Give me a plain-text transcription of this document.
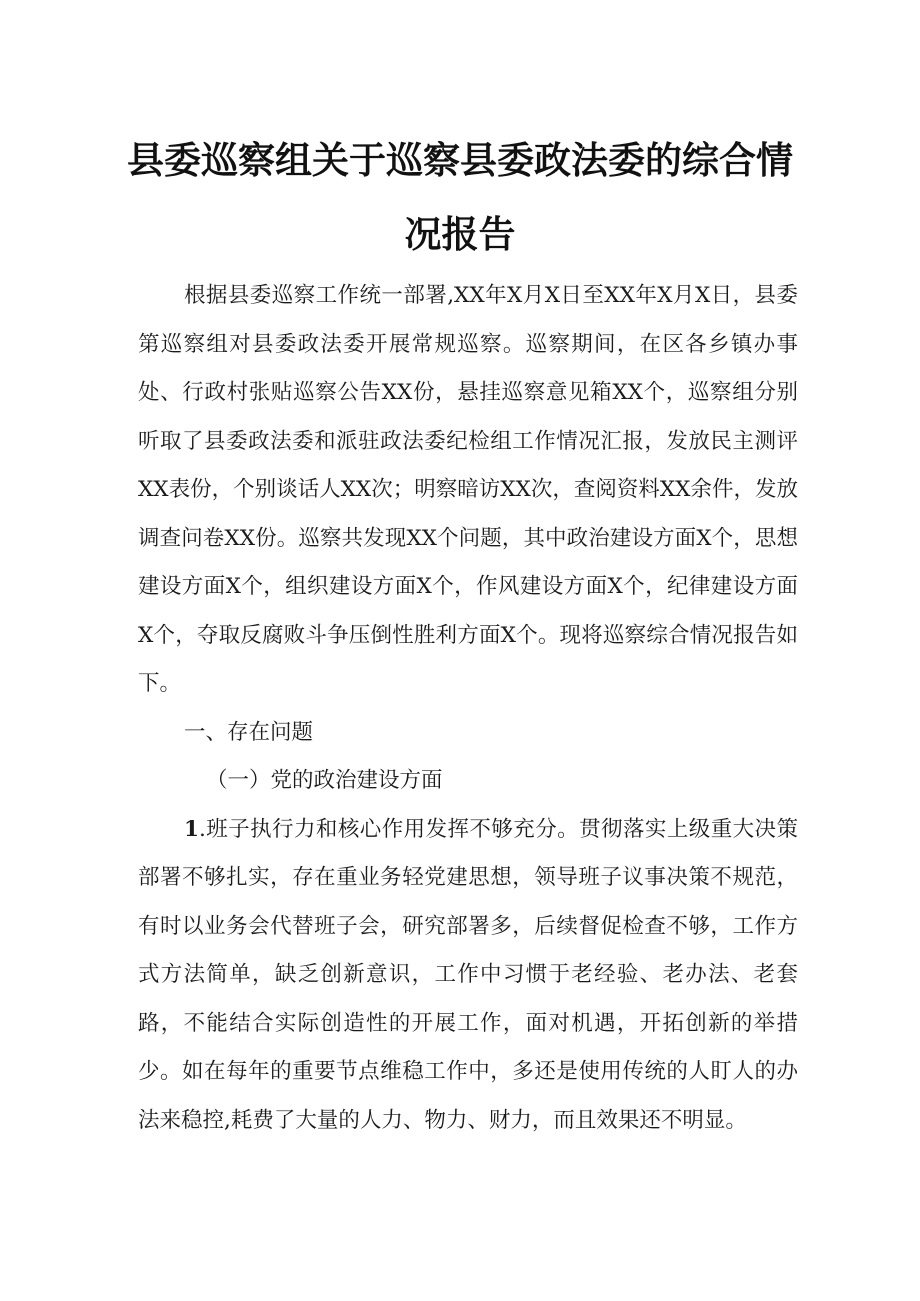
县委巡察组关于巡察县委政法委的综合情
况报告

根据县委巡察工作统一部署,XX年X月X日至XX年X月X日，县委第巡察组对县委政法委开展常规巡察。巡察期间，在区各乡镇办事处、行政村张贴巡察公告XX份，悬挂巡察意见箱XX个，巡察组分别听取了县委政法委和派驻政法委纪检组工作情况汇报，发放民主测评XX表份，个别谈话人XX次；明察暗访XX次，查阅资料XX余件，发放调查问卷XX份。巡察共发现XX个问题，其中政治建设方面X个，思想建设方面X个，组织建设方面X个，作风建设方面X个，纪律建设方面X个，夺取反腐败斗争压倒性胜利方面X个。现将巡察综合情况报告如下。

一、存在问题

（一）党的政治建设方面

1.班子执行力和核心作用发挥不够充分。贯彻落实上级重大决策部署不够扎实，存在重业务轻党建思想，领导班子议事决策不规范，有时以业务会代替班子会，研究部署多，后续督促检查不够，工作方式方法简单，缺乏创新意识，工作中习惯于老经验、老办法、老套路，不能结合实际创造性的开展工作，面对机遇，开拓创新的举措少。如在每年的重要节点维稳工作中，多还是使用传统的人盯人的办法来稳控,耗费了大量的人力、物力、财力，而且效果还不明显。
